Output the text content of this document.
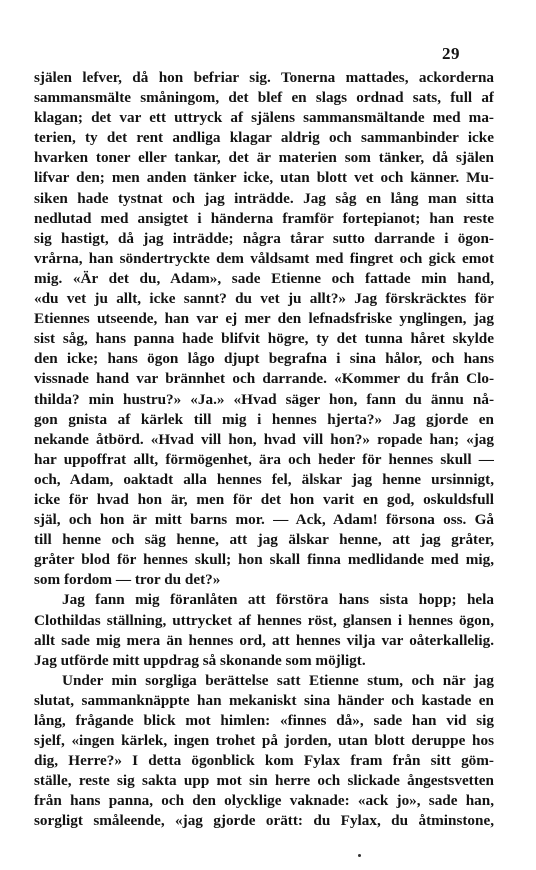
29
själen lefver, då hon befriar sig. Tonerna mattades, ackorderna
sammansmälte småningom, det blef en slags ordnad sats, full af
klagan; det var ett uttryck af själens sammansmältande med ma-
terien, ty det rent andliga klagar aldrig och sammanbinder icke
hvarken toner eller tankar, det är materien som tänker, då själen
lifvar den; men anden tänker icke, utan blott vet och känner. Mu-
siken hade tystnat och jag inträdde. Jag såg en lång man sitta
nedlutad med ansigtet i händerna framför fortepianot; han reste
sig hastigt, då jag inträdde; några tårar sutto darrande i ögon-
vrårna, han söndertryckte dem våldsamt med fingret och gick emot
mig. «Är det du, Adam», sade Etienne och fattade min hand,
«du vet ju allt, icke sannt? du vet ju allt?» Jag förskräcktes för
Etiennes utseende, han var ej mer den lefnadsfriske ynglingen, jag
sist såg, hans panna hade blifvit högre, ty det tunna håret skylde
den icke; hans ögon lågo djupt begrafna i sina hålor, och hans
vissnade hand var brännhet och darrande. «Kommer du från Clo-
thilda? min hustru?» «Ja.» «Hvad säger hon, fann du ännu nå-
gon gnista af kärlek till mig i hennes hjerta?» Jag gjorde en
nekande åtbörd. «Hvad vill hon, hvad vill hon?» ropade han; «jag
har uppoffrat allt, förmögenhet, ära och heder för hennes skull —
och, Adam, oaktadt alla hennes fel, älskar jag henne ursinnigt,
icke för hvad hon är, men för det hon varit en god, oskuldsfull
själ, och hon är mitt barns mor. — Ack, Adam! försona oss. Gå
till henne och säg henne, att jag älskar henne, att jag gråter,
gråter blod för hennes skull; hon skall finna medlidande med mig,
som fordom — tror du det?»
Jag fann mig föranlåten att förstöra hans sista hopp; hela
Clothildas ställning, uttrycket af hennes röst, glansen i hennes ögon,
allt sade mig mera än hennes ord, att hennes vilja var oåterkallelig.
Jag utförde mitt uppdrag så skonande som möjligt.
Under min sorgliga berättelse satt Etienne stum, och när jag
slutat, sammanknäppte han mekaniskt sina händer och kastade en
lång, frågande blick mot himlen: «finnes då», sade han vid sig
sjelf, «ingen kärlek, ingen trohet på jorden, utan blott deruppe hos
dig, Herre?» I detta ögonblick kom Fylax fram från sitt göm-
ställe, reste sig sakta upp mot sin herre och slickade ångestsvetten
från hans panna, och den olycklige vaknade: «ack jo», sade han,
sorgligt småleende, «jag gjorde orätt: du Fylax, du åtminstone,
